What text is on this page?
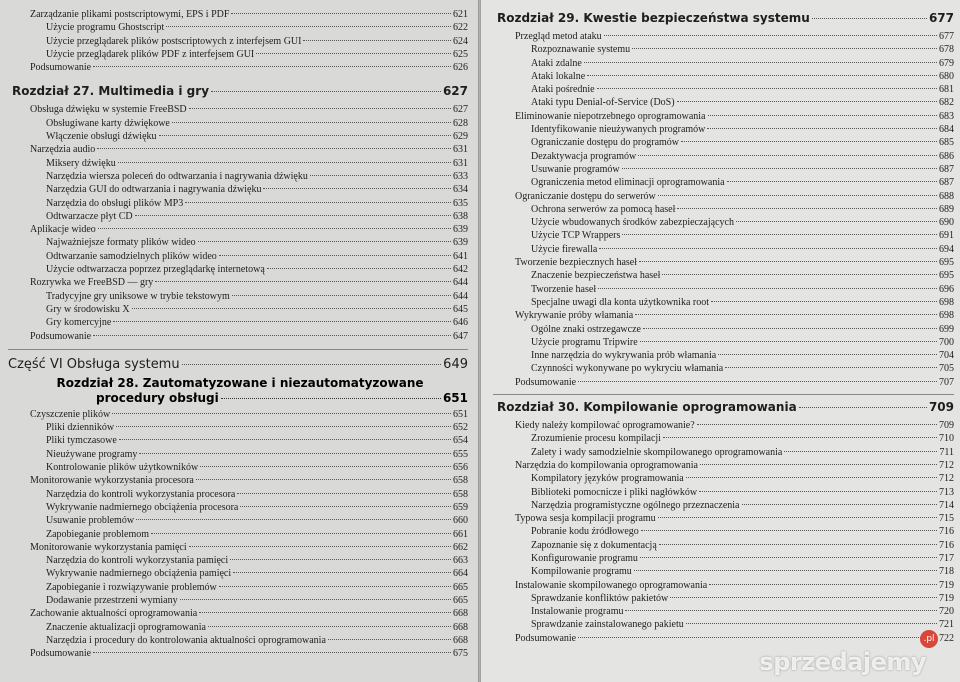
Zarządzanie plikami postscriptowymi, EPS i PDF	621
Użycie programu Ghostscript	622
Użycie przeglądarek plików postscriptowych z interfejsem GUI	624
Użycie przeglądarek plików PDF z interfejsem GUI	625
Podsumowanie	626
Rozdział 27. Multimedia i gry	627
Obsługa dźwięku w systemie FreeBSD	627
Obsługiwane karty dźwiękowe	628
Włączenie obsługi dźwięku	629
Narzędzia audio	631
Miksery dźwięku	631
Narzędzia wiersza poleceń do odtwarzania i nagrywania dźwięku	633
Narzędzia GUI do odtwarzania i nagrywania dźwięku	634
Narzędzia do obsługi plików MP3	635
Odtwarzacze płyt CD	638
Aplikacje wideo	639
Najważniejsze formaty plików wideo	639
Odtwarzanie samodzielnych plików wideo	641
Użycie odtwarzacza poprzez przeglądarkę internetową	642
Rozrywka we FreeBSD — gry	644
Tradycyjne gry uniksowe w trybie tekstowym	644
Gry w środowisku X	645
Gry komercyjne	646
Podsumowanie	647
Część VI Obsługa systemu	649
Rozdział 28. Zautomatyzowane i niezautomatyzowane
procedury obsługi	651
Czyszczenie plików	651
Pliki dzienników	652
Pliki tymczasowe	654
Nieużywane programy	655
Kontrolowanie plików użytkowników	656
Monitorowanie wykorzystania procesora	658
Narzędzia do kontroli wykorzystania procesora	658
Wykrywanie nadmiernego obciążenia procesora	659
Usuwanie problemów	660
Zapobieganie problemom	661
Monitorowanie wykorzystania pamięci	662
Narzędzia do kontroli wykorzystania pamięci	663
Wykrywanie nadmiernego obciążenia pamięci	664
Zapobieganie i rozwiązywanie problemów	665
Dodawanie przestrzeni wymiany	665
Zachowanie aktualności oprogramowania	668
Znaczenie aktualizacji oprogramowania	668
Narzędzia i procedury do kontrolowania aktualności oprogramowania	668
Podsumowanie	675
Rozdział 29. Kwestie bezpieczeństwa systemu	677
Przegląd metod ataku	677
Rozpoznawanie systemu	678
Ataki zdalne	679
Ataki lokalne	680
Ataki pośrednie	681
Ataki typu Denial-of-Service (DoS)	682
Eliminowanie niepotrzebnego oprogramowania	683
Identyfikowanie nieużywanych programów	684
Ograniczanie dostępu do programów	685
Dezaktywacja programów	686
Usuwanie programów	687
Ograniczenia metod eliminacji oprogramowania	687
Ograniczanie dostępu do serwerów	688
Ochrona serwerów za pomocą haseł	689
Użycie wbudowanych środków zabezpieczających	690
Użycie TCP Wrappers	691
Użycie firewalla	694
Tworzenie bezpiecznych haseł	695
Znaczenie bezpieczeństwa haseł	695
Tworzenie haseł	696
Specjalne uwagi dla konta użytkownika root	698
Wykrywanie próby włamania	698
Ogólne znaki ostrzegawcze	699
Użycie programu Tripwire	700
Inne narzędzia do wykrywania prób włamania	704
Czynności wykonywane po wykryciu włamania	705
Podsumowanie	707
Rozdział 30. Kompilowanie oprogramowania	709
Kiedy należy kompilować oprogramowanie?	709
Zrozumienie procesu kompilacji	710
Zalety i wady samodzielnie skompilowanego oprogramowania	711
Narzędzia do kompilowania oprogramowania	712
Kompilatory języków programowania	712
Biblioteki pomocnicze i pliki nagłówków	713
Narzędzia programistyczne ogólnego przeznaczenia	714
Typowa sesja kompilacji programu	715
Pobranie kodu źródłowego	716
Zapoznanie się z dokumentacją	716
Konfigurowanie programu	717
Kompilowanie programu	718
Instalowanie skompilowanego oprogramowania	719
Sprawdzanie konfliktów pakietów	719
Instalowanie programu	720
Sprawdzanie zainstalowanego pakietu	721
Podsumowanie	722
.pl
sprzedajemy
